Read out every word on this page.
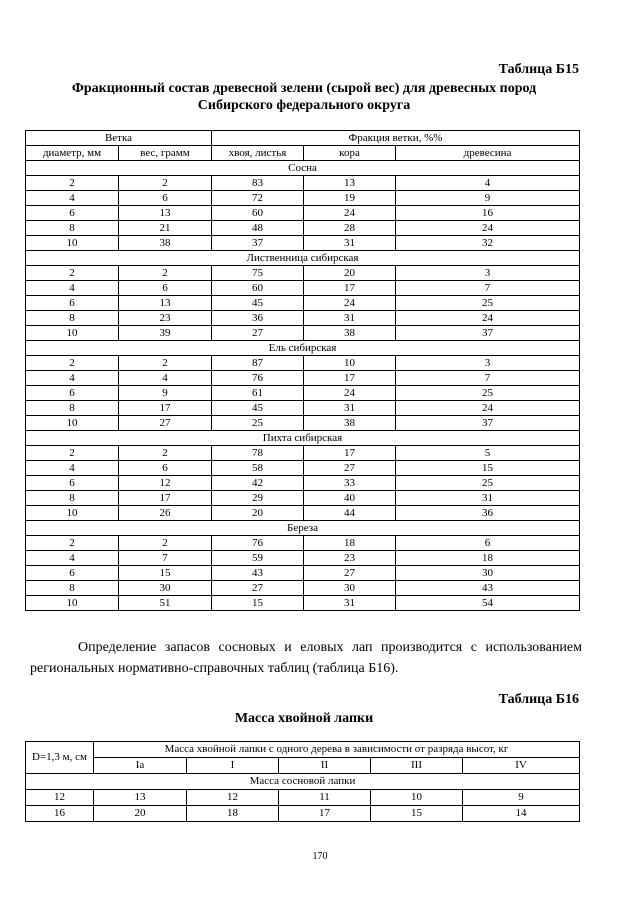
Таблица Б15
Фракционный состав древесной зелени (сырой вес) для древесных пород
Сибирского федерального округа
Ветка		Фракция ветки, %%		
диаметр, мм	вес, грамм	хвоя, листья	кора	древесина
Сосна				
2	2	83	13	4
4	6	72	19	9
6	13	60	24	16
8	21	48	28	24
10	38	37	31	32
Лиственница сибирская				
2	2	75	20	3
4	6	60	17	7
6	13	45	24	25
8	23	36	31	24
10	39	27	38	37
Ель сибирская				
2	2	87	10	3
4	4	76	17	7
6	9	61	24	25
8	17	45	31	24
10	27	25	38	37
Пихта сибирская				
2	2	78	17	5
4	6	58	27	15
6	12	42	33	25
8	17	29	40	31
10	26	20	44	36
Береза				
2	2	76	18	6
4	7	59	23	18
6	15	43	27	30
8	30	27	30	43
10	51	15	31	54
Определение запасов сосновых и еловых лап производится с использованием региональных нормативно-справочных таблиц (таблица Б16).
Таблица Б16
Масса хвойной лапки
D=1,3 м, см	Масса хвойной лапки с одного дерева в зависимости от разряда высот, кг				
	Ia	I	II	III	IV
Масса сосновой лапки					
12	13	12	11	10	9
16	20	18	17	15	14
170
